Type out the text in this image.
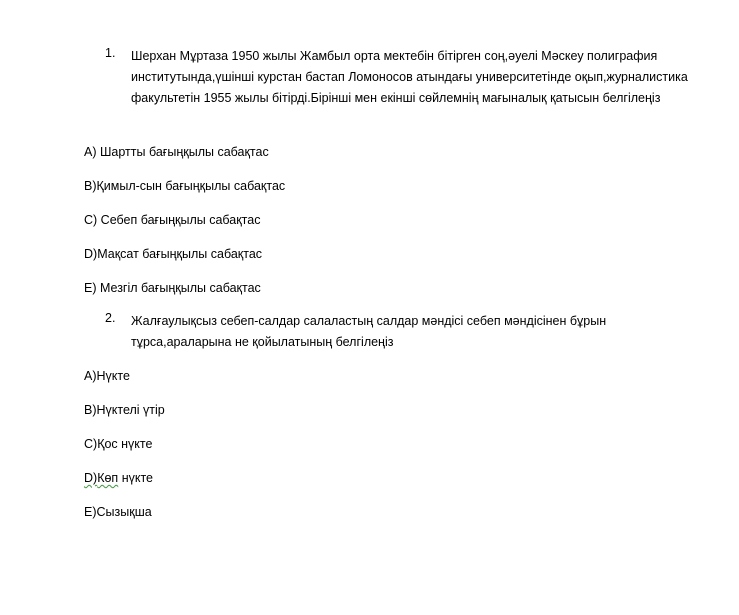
1.	Шерхан Мұртаза 1950 жылы Жамбыл орта мектебін бітірген соң,әуелі Мәскеу полиграфия институтында,үшінші курстан бастап Ломоносов атындағы университетінде оқып,журналистика факультетін 1955 жылы бітірді.Бірінші мен екінші сөйлемнің мағыналық қатысын белгілеңіз
А) Шартты бағыңқылы сабақтас
В)Қимыл-сын бағыңқылы сабақтас
С) Себеп бағыңқылы сабақтас
D)Мақсат бағыңқылы сабақтас
Е) Мезгіл бағыңқылы сабақтас
2.	Жалғаулықсыз себеп-салдар салаластың салдар мәндісі себеп мәндісінен бұрын тұрса,араларына не қойылатының белгілеңіз
А)Нүкте
В)Нүктелі үтір
С)Қос нүкте
D)Көп нүкте
Е)Сызықша
